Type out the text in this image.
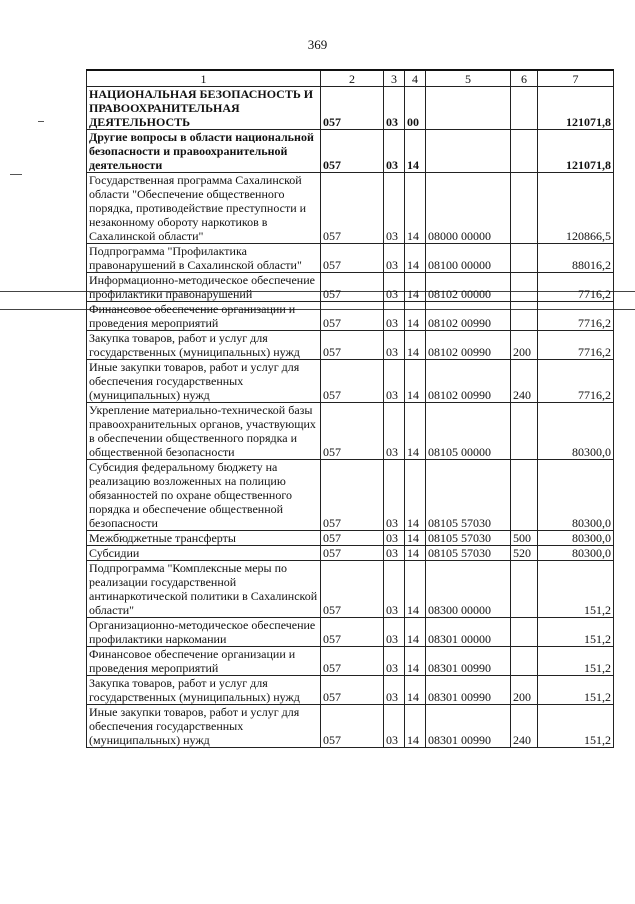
369
1	2	3	4	5	6	7
НАЦИОНАЛЬНАЯ БЕЗОПАСНОСТЬ И ПРАВООХРАНИТЕЛЬНАЯ ДЕЯТЕЛЬНОСТЬ	057	03	00			121071,8
Другие вопросы в области национальной безопасности и правоохранительной деятельности	057	03	14			121071,8
Государственная программа Сахалинской области "Обеспечение общественного порядка, противодействие преступности и незаконному обороту наркотиков в Сахалинской области"	057	03	14	08000 00000		120866,5
Подпрограмма "Профилактика правонарушений в Сахалинской области"	057	03	14	08100 00000		88016,2
Информационно-методическое обеспечение профилактики правонарушений	057	03	14	08102 00000		7716,2
Финансовое обеспечение организации и проведения мероприятий	057	03	14	08102 00990		7716,2
Закупка товаров, работ и услуг для государственных (муниципальных) нужд	057	03	14	08102 00990	200	7716,2
Иные закупки товаров, работ и услуг для обеспечения государственных (муниципальных) нужд	057	03	14	08102 00990	240	7716,2
Укрепление материально-технической базы правоохранительных органов, участвующих в обеспечении общественного порядка и общественной безопасности	057	03	14	08105 00000		80300,0
Субсидия федеральному бюджету на реализацию возложенных на полицию обязанностей по охране общественного порядка и обеспечение общественной безопасности	057	03	14	08105 57030		80300,0
Межбюджетные трансферты	057	03	14	08105 57030	500	80300,0
Субсидии	057	03	14	08105 57030	520	80300,0
Подпрограмма "Комплексные меры по реализации государственной антинаркотической политики в Сахалинской области"	057	03	14	08300 00000		151,2
Организационно-методическое обеспечение профилактики наркомании	057	03	14	08301 00000		151,2
Финансовое обеспечение организации и проведения мероприятий	057	03	14	08301 00990		151,2
Закупка товаров, работ и услуг для государственных (муниципальных) нужд	057	03	14	08301 00990	200	151,2
Иные закупки товаров, работ и услуг для обеспечения государственных (муниципальных) нужд	057	03	14	08301 00990	240	151,2
